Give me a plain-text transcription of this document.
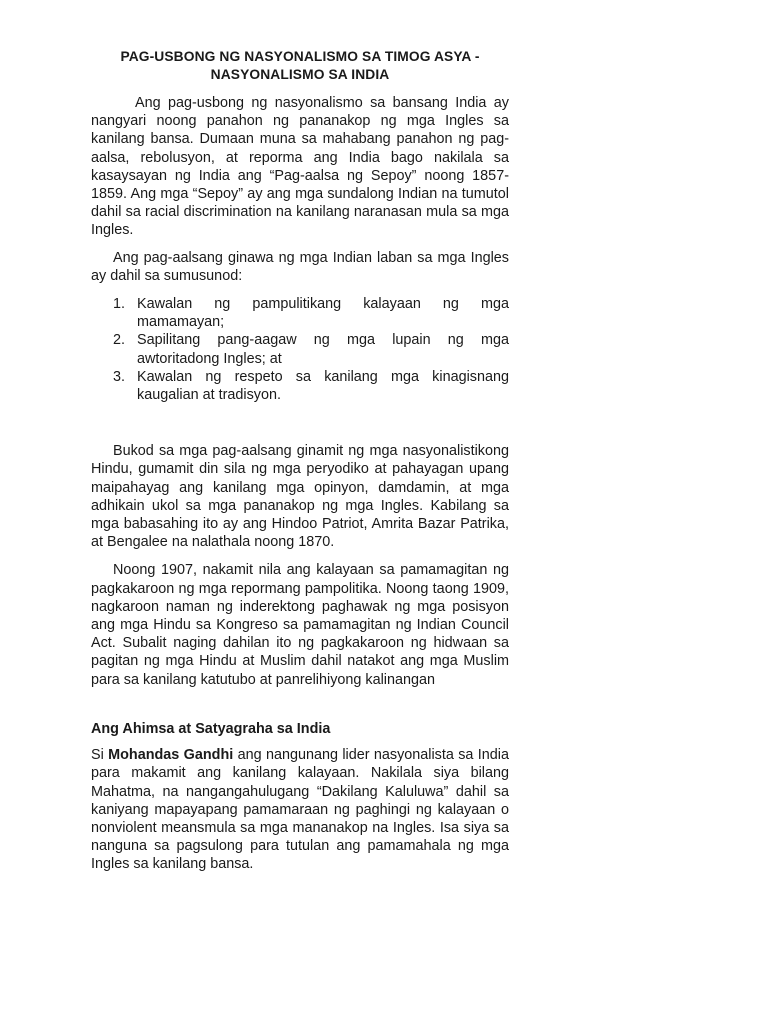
PAG-USBONG NG NASYONALISMO SA TIMOG ASYA -
NASYONALISMO SA INDIA

Ang pag-usbong ng nasyonalismo sa bansang India ay nangyari noong panahon ng pananakop ng mga Ingles sa kanilang bansa. Dumaan muna sa mahabang panahon ng pag-aalsa, rebolusyon, at reporma ang India bago nakilala sa kasaysayan ng India ang “Pag-aalsa ng Sepoy” noong 1857-1859. Ang mga “Sepoy” ay ang mga sundalong Indian na tumutol dahil sa racial discrimination na kanilang naranasan mula sa mga Ingles.

Ang pag-aalsang ginawa ng mga Indian laban sa mga Ingles ay dahil sa sumusunod:

1. Kawalan ng pampulitikang kalayaan ng mga mamamayan;
2. Sapilitang pang-aagaw ng mga lupain ng mga awtoritadong Ingles; at
3. Kawalan ng respeto sa kanilang mga kinagisnang kaugalian at tradisyon.

Bukod sa mga pag-aalsang ginamit ng mga nasyonalistikong Hindu, gumamit din sila ng mga peryodiko at pahayagan upang maipahayag ang kanilang mga opinyon, damdamin, at mga adhikain ukol sa mga pananakop ng mga Ingles. Kabilang sa mga babasahing ito ay ang Hindoo Patriot, Amrita Bazar Patrika, at Bengalee na nalathala noong 1870.

Noong 1907, nakamit nila ang kalayaan sa pamamagitan ng pagkakaroon ng mga repormang pampolitika. Noong taong 1909, nagkaroon naman ng inderektong paghawak ng mga posisyon ang mga Hindu sa Kongreso sa pamamagitan ng Indian Council Act. Subalit naging dahilan ito ng pagkakaroon ng hidwaan sa pagitan ng mga Hindu at Muslim dahil natakot ang mga Muslim para sa kanilang katutubo at panrelihiyong kalinangan

Ang Ahimsa at Satyagraha sa India

Si Mohandas Gandhi ang nangunang lider nasyonalista sa India para makamit ang kanilang kalayaan. Nakilala siya bilang Mahatma, na nangangahulugang “Dakilang Kaluluwa” dahil sa kaniyang mapayapang pamamaraan ng paghingi ng kalayaan o nonviolent meansmula sa mga mananakop na Ingles. Isa siya sa nanguna sa pagsulong para tutulan ang pamamahala ng mga Ingles sa kanilang bansa.
